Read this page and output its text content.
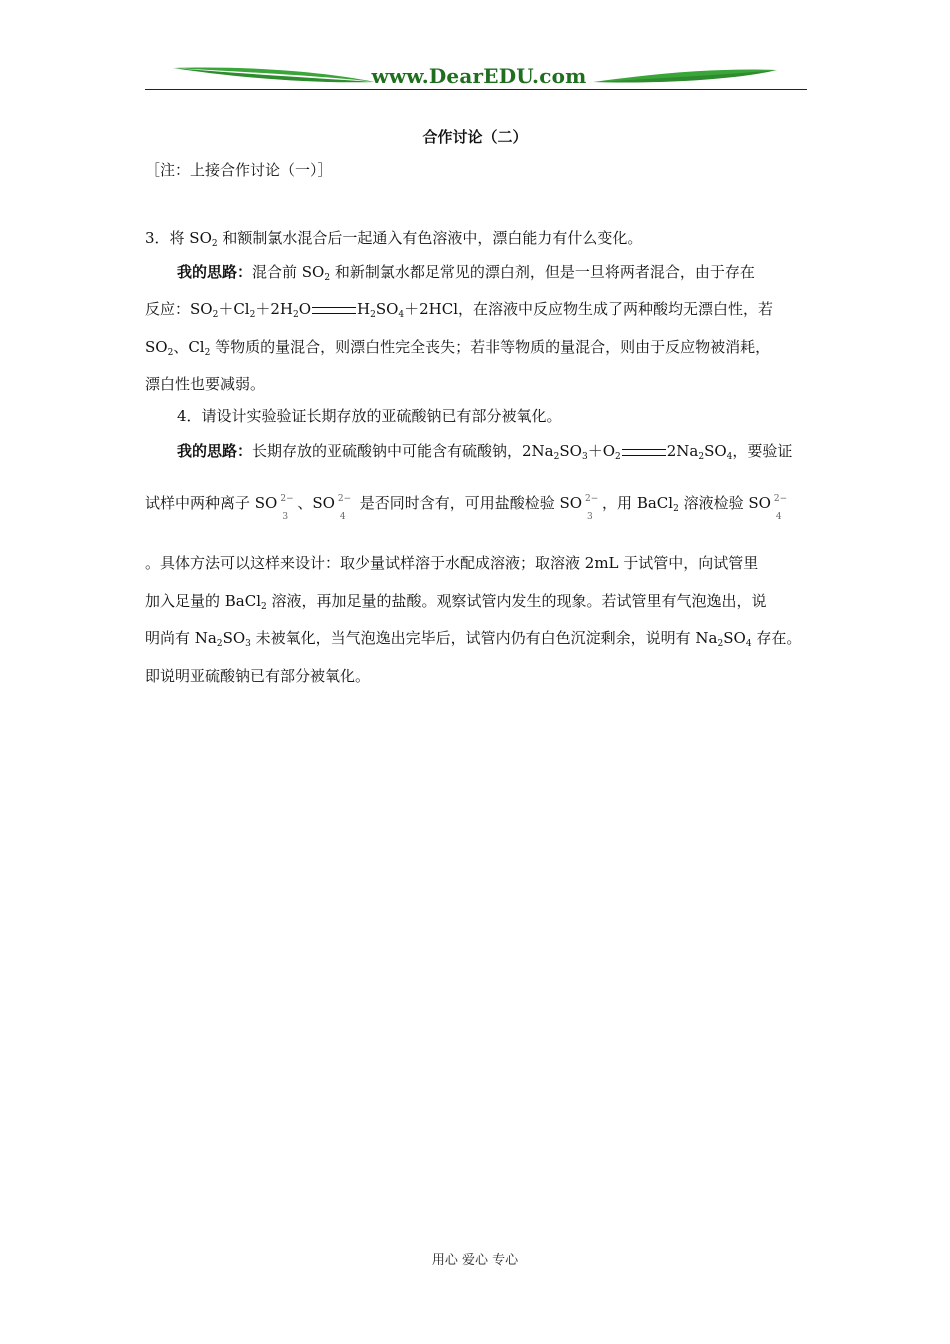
www.DearEDU.com
合作讨论（二）
［注：上接合作讨论（一）］
3．将 $SO_2$ 和额制氯水混合后一起通入有色溶液中，漂白能力有什么变化。
我的思路：混合前 $SO_2$ 和新制氯水都足常见的漂白剂，但是一旦将两者混合，由于存在
反应：$SO_2+Cl_2+2H_2O$	$H_2SO_4+2HCl$，在溶液中反应物生成了两种酸均无漂白性，若
$SO_2$、$Cl_2$ 等物质的量混合，则漂白性完全丧失；若非等物质的量混合，则由于反应物被消耗，
漂白性也要减弱。
4．请设计实验验证长期存放的亚硫酸钠已有部分被氧化。
我的思路：长期存放的亚硫酸钠中可能含有硫酸钠，$2Na_2SO_3+O_2$	$2Na_2SO_4$，要验证
试样中两种离子 SO 2−
3
、SO 2−
4
是否同时含有，可用盐酸检验 SO 2−
3
，用 BaCl$_2$ 溶液检验 SO 2−
4
。具体方法可以这样来设计：取少量试样溶于水配成溶液；取溶液 2mL 于试管中，向试管里
加入足量的 BaCl$_2$ 溶液，再加足量的盐酸。观察试管内发生的现象。若试管里有气泡逸出，说
明尚有 $Na_2SO_3$ 未被氧化，当气泡逸出完毕后，试管内仍有白色沉淀剩余，说明有 $Na_2SO_4$ 存在。
即说明亚硫酸钠已有部分被氧化。
用心 爱心 专心
